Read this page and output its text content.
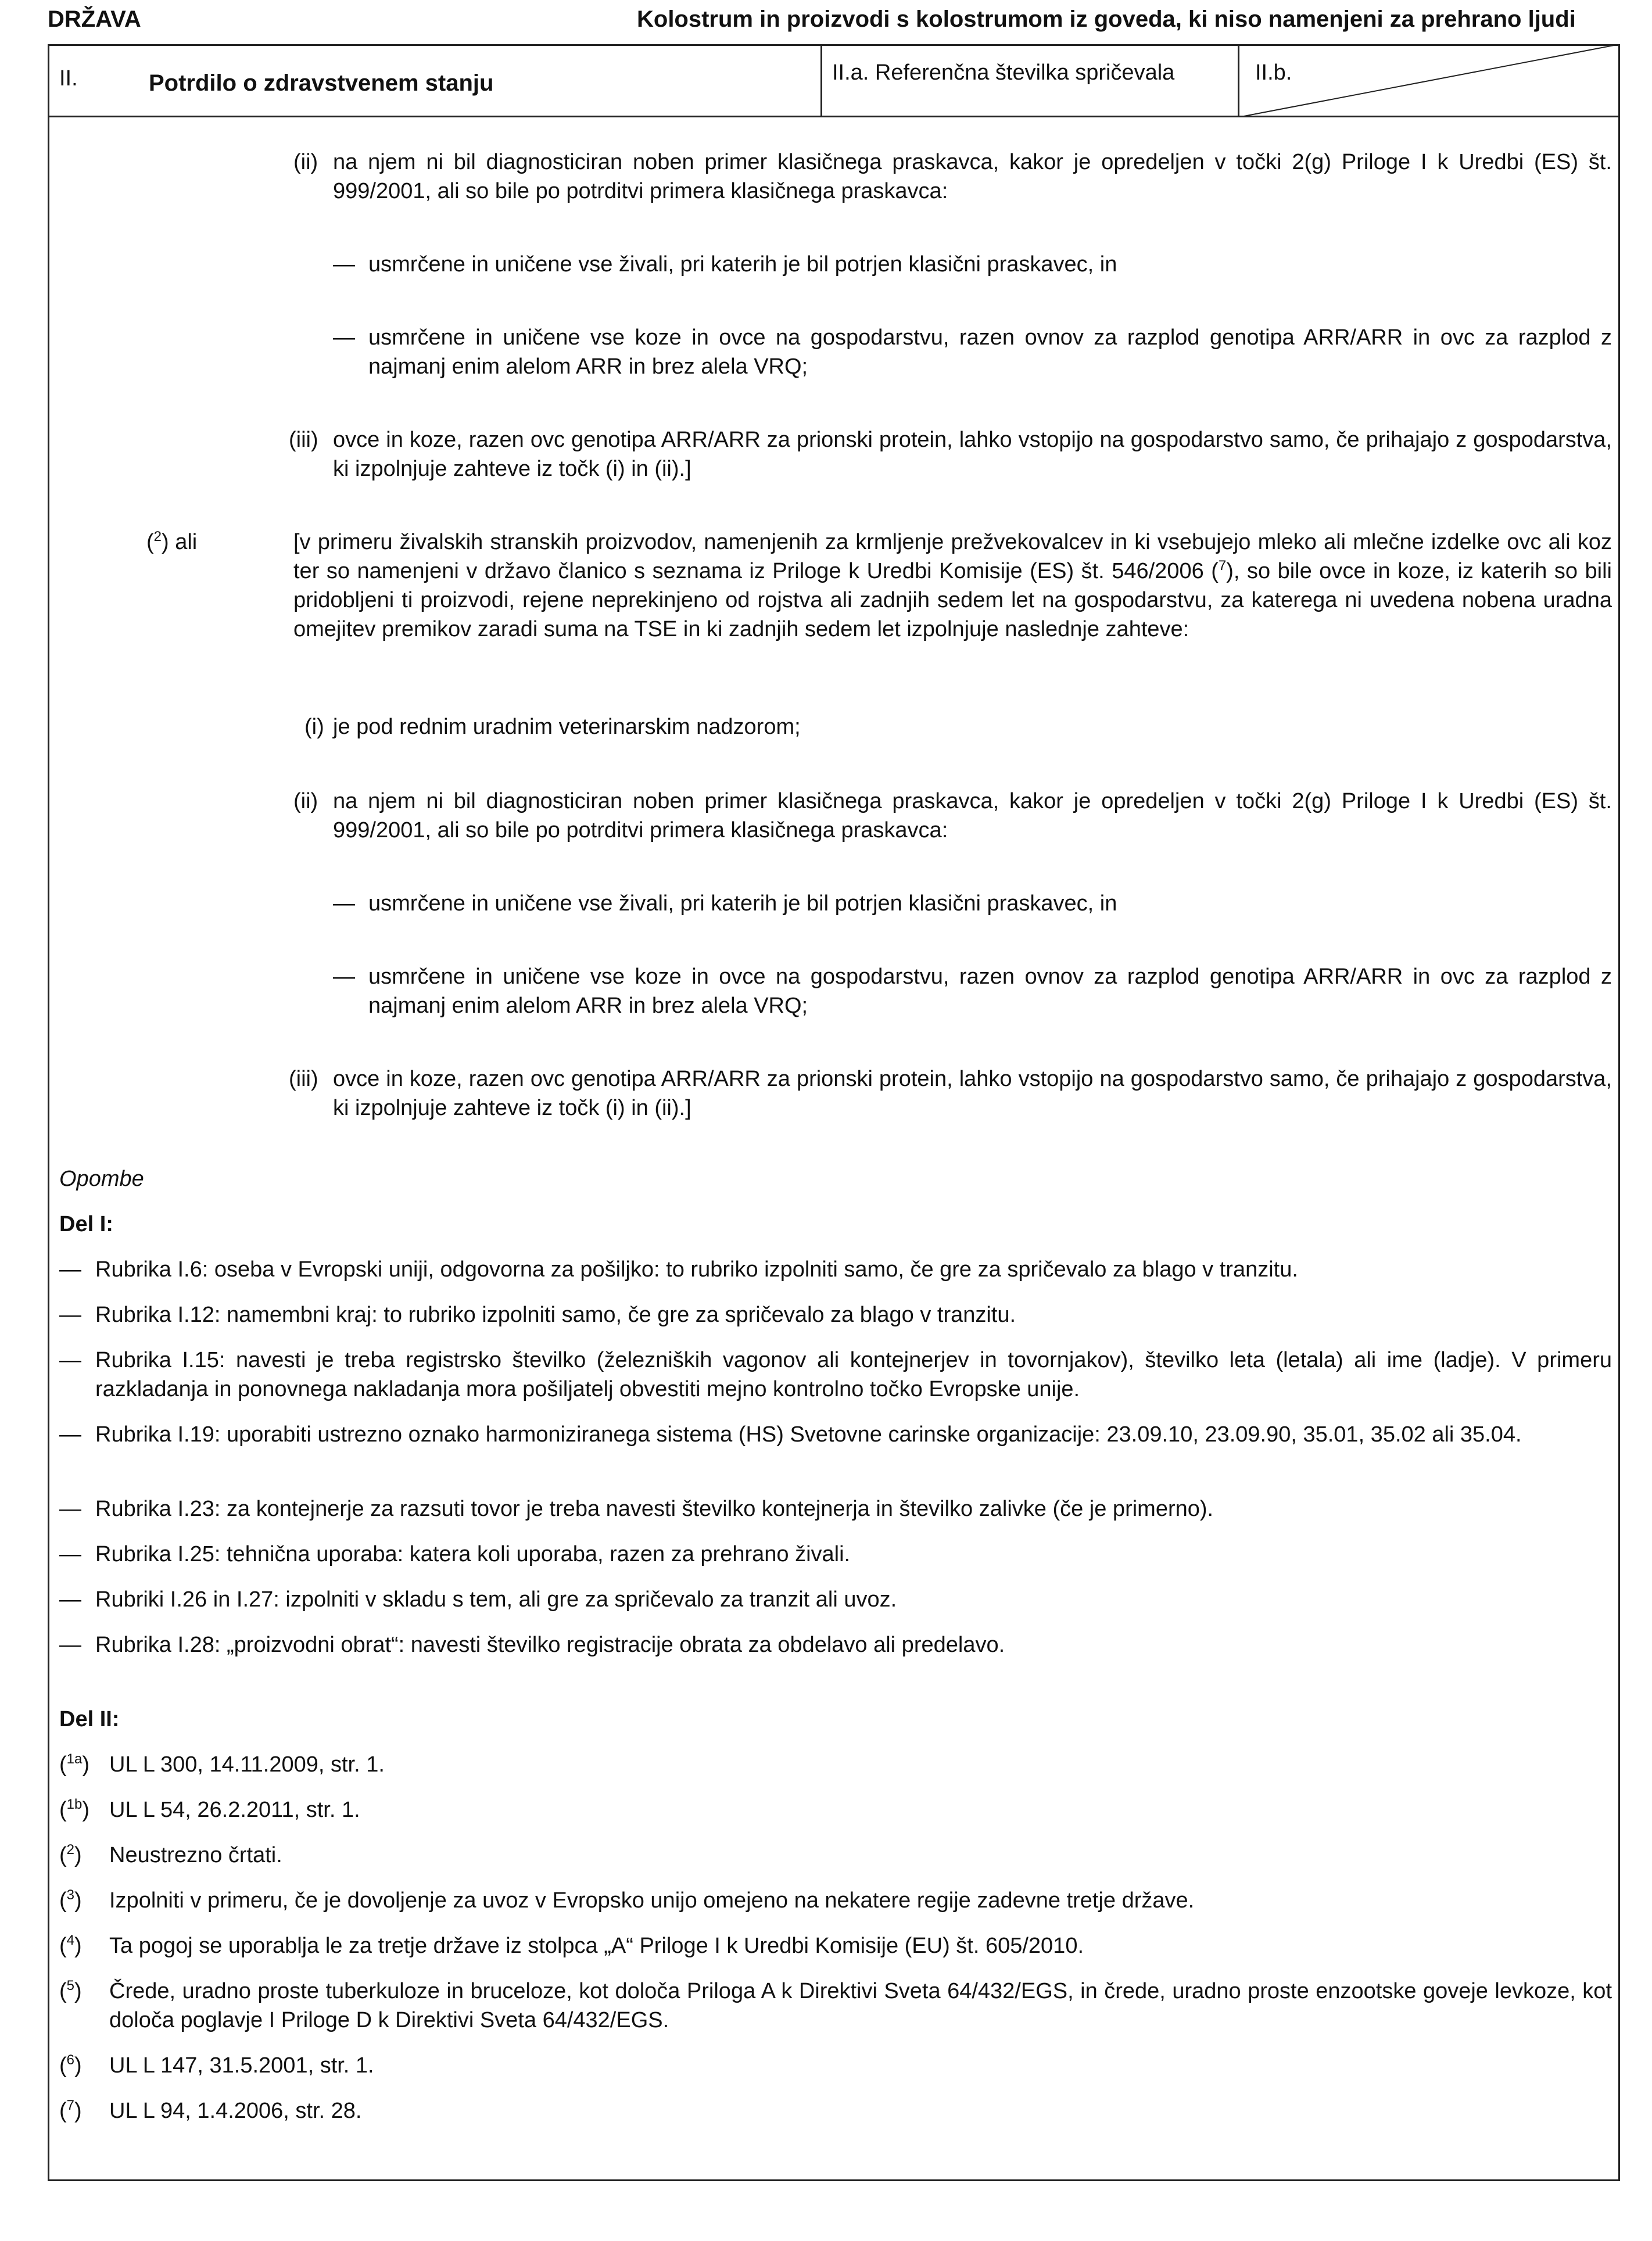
DRŽAVA	Kolostrum in proizvodi s kolostrumom iz goveda, ki niso namenjeni za prehrano ljudi
II.	Potrdilo o zdravstvenem stanju	II.a. Referenčna številka spričevala	II.b.
(ii) na njem ni bil diagnosticiran noben primer klasičnega praskavca, kakor je opredeljen v točki 2(g) Priloge I k Uredbi (ES) št. 999/2001, ali so bile po potrditvi primera klasičnega praskavca:
— usmrčene in uničene vse živali, pri katerih je bil potrjen klasični praskavec, in
— usmrčene in uničene vse koze in ovce na gospodarstvu, razen ovnov za razplod genotipa ARR/ARR in ovc za razplod z najmanj enim alelom ARR in brez alela VRQ;
(iii) ovce in koze, razen ovc genotipa ARR/ARR za prionski protein, lahko vstopijo na gospodarstvo samo, če prihajajo z gospodarstva, ki izpolnjuje zahteve iz točk (i) in (ii).]
($^2$) ali	[v primeru živalskih stranskih proizvodov, namenjenih za krmljenje prežvekovalcev in ki vsebujejo mleko ali mlečne izdelke ovc ali koz ter so namenjeni v državo članico s seznama iz Priloge k Uredbi Komisije (ES) št. 546/2006 ($^7$), so bile ovce in koze, iz katerih so bili pridobljeni ti proizvodi, rejene neprekinjeno od rojstva ali zadnjih sedem let na gospodarstvu, za katerega ni uvedena nobena uradna omejitev premikov zaradi suma na TSE in ki zadnjih sedem let izpolnjuje naslednje zahteve:
(i) je pod rednim uradnim veterinarskim nadzorom;
(ii) na njem ni bil diagnosticiran noben primer klasičnega praskavca, kakor je opredeljen v točki 2(g) Priloge I k Uredbi (ES) št. 999/2001, ali so bile po potrditvi primera klasičnega praskavca:
— usmrčene in uničene vse živali, pri katerih je bil potrjen klasični praskavec, in
— usmrčene in uničene vse koze in ovce na gospodarstvu, razen ovnov za razplod genotipa ARR/ARR in ovc za razplod z najmanj enim alelom ARR in brez alela VRQ;
(iii) ovce in koze, razen ovc genotipa ARR/ARR za prionski protein, lahko vstopijo na gospodarstvo samo, če prihajajo z gospodarstva, ki izpolnjuje zahteve iz točk (i) in (ii).]
Opombe
Del I:
— Rubrika I.6: oseba v Evropski uniji, odgovorna za pošiljko: to rubriko izpolniti samo, če gre za spričevalo za blago v tranzitu.
— Rubrika I.12: namembni kraj: to rubriko izpolniti samo, če gre za spričevalo za blago v tranzitu.
— Rubrika I.15: navesti je treba registrsko številko (železniških vagonov ali kontejnerjev in tovornjakov), številko leta (letala) ali ime (ladje). V primeru razkladanja in ponovnega nakladanja mora pošiljatelj obvestiti mejno kontrolno točko Evropske unije.
— Rubrika I.19: uporabiti ustrezno oznako harmoniziranega sistema (HS) Svetovne carinske organizacije: 23.09.10, 23.09.90, 35.01, 35.02 ali 35.04.
— Rubrika I.23: za kontejnerje za razsuti tovor je treba navesti številko kontejnerja in številko zalivke (če je primerno).
— Rubrika I.25: tehnična uporaba: katera koli uporaba, razen za prehrano živali.
— Rubriki I.26 in I.27: izpolniti v skladu s tem, ali gre za spričevalo za tranzit ali uvoz.
— Rubrika I.28: „proizvodni obrat“: navesti številko registracije obrata za obdelavo ali predelavo.
Del II:
($^{1a}$) UL L 300, 14.11.2009, str. 1.
($^{1b}$) UL L 54, 26.2.2011, str. 1.
($^2$) Neustrezno črtati.
($^3$) Izpolniti v primeru, če je dovoljenje za uvoz v Evropsko unijo omejeno na nekatere regije zadevne tretje države.
($^4$) Ta pogoj se uporablja le za tretje države iz stolpca „A“ Priloge I k Uredbi Komisije (EU) št. 605/2010.
($^5$) Črede, uradno proste tuberkuloze in bruceloze, kot določa Priloga A k Direktivi Sveta 64/432/EGS, in črede, uradno proste enzootske goveje levkoze, kot določa poglavje I Priloge D k Direktivi Sveta 64/432/EGS.
($^6$) UL L 147, 31.5.2001, str. 1.
($^7$) UL L 94, 1.4.2006, str. 28.
